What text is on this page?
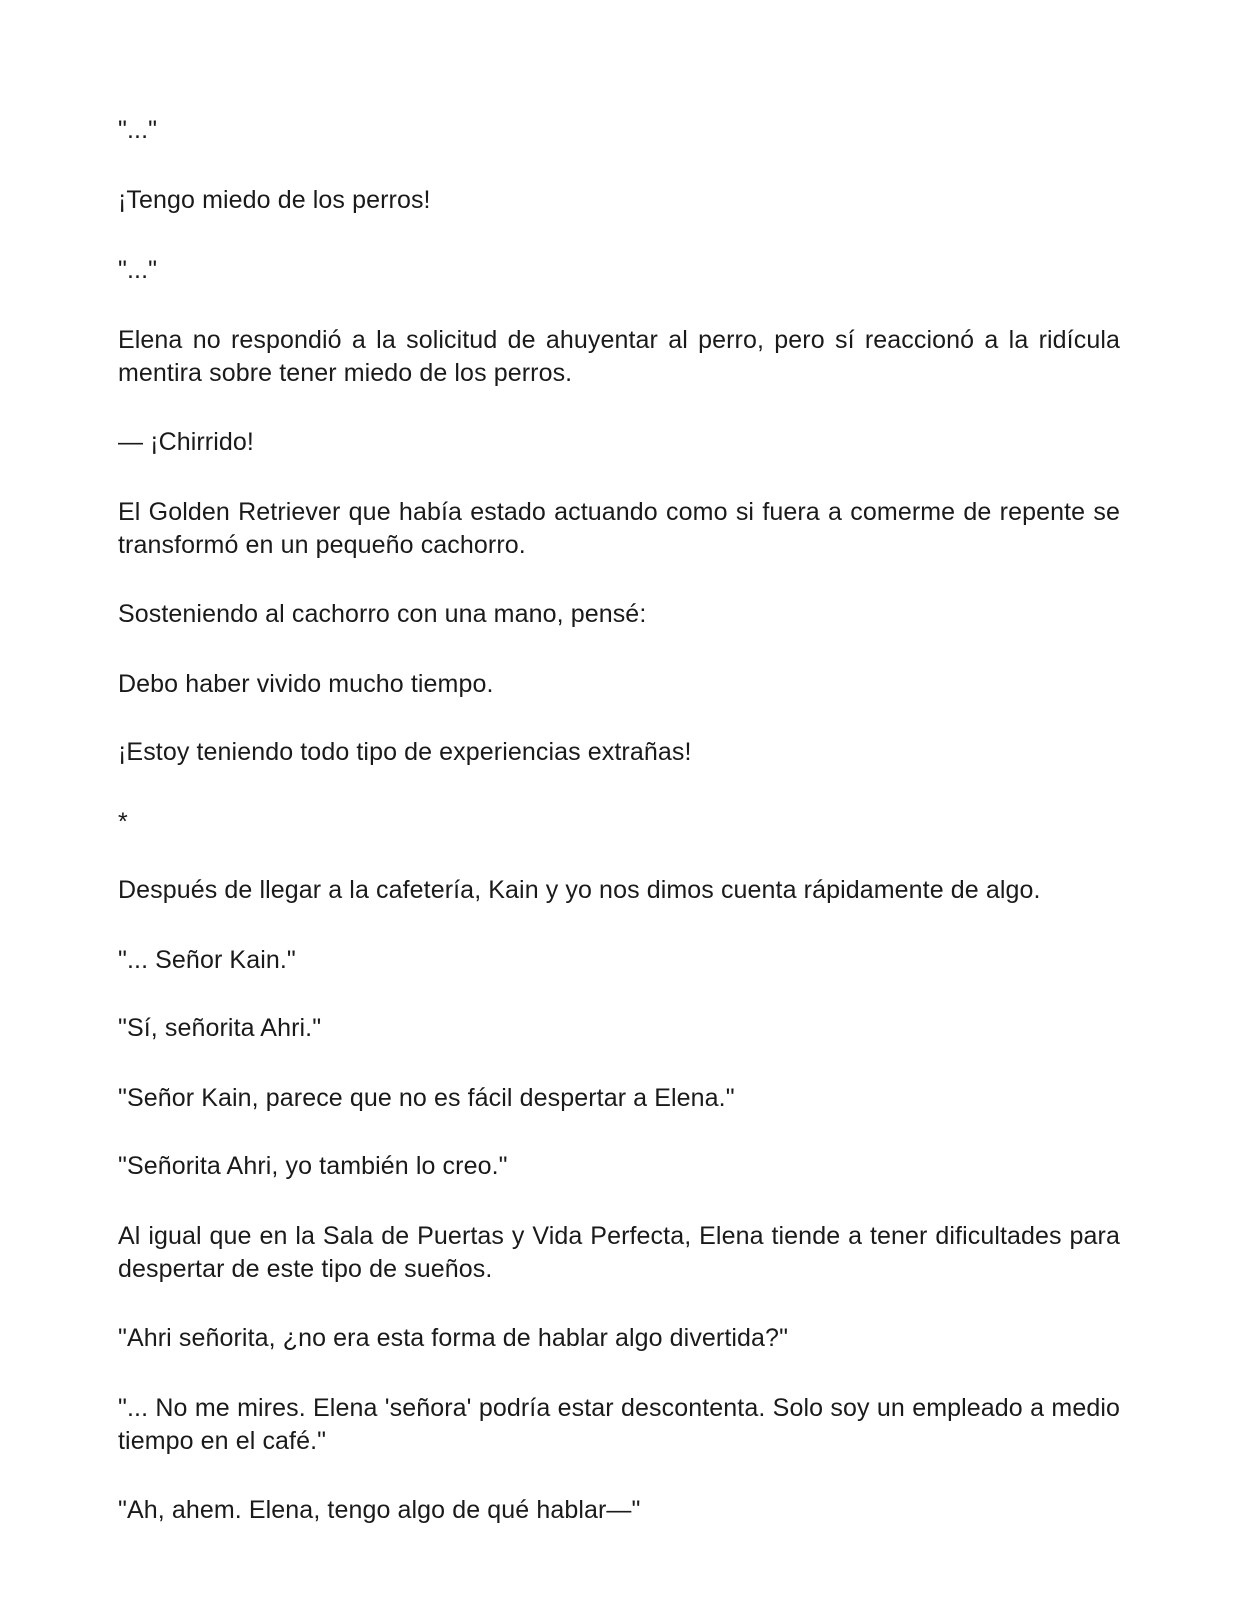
"..."

¡Tengo miedo de los perros!

"..."

Elena no respondió a la solicitud de ahuyentar al perro, pero sí reaccionó a la ridícula mentira sobre tener miedo de los perros.

— ¡Chirrido!

El Golden Retriever que había estado actuando como si fuera a comerme de repente se transformó en un pequeño cachorro.

Sosteniendo al cachorro con una mano, pensé:

Debo haber vivido mucho tiempo.

¡Estoy teniendo todo tipo de experiencias extrañas!

*

Después de llegar a la cafetería, Kain y yo nos dimos cuenta rápidamente de algo.

"... Señor Kain."

"Sí, señorita Ahri."

"Señor Kain, parece que no es fácil despertar a Elena."

"Señorita Ahri, yo también lo creo."

Al igual que en la Sala de Puertas y Vida Perfecta, Elena tiende a tener dificultades para despertar de este tipo de sueños.

"Ahri señorita, ¿no era esta forma de hablar algo divertida?"

"... No me mires. Elena 'señora' podría estar descontenta. Solo soy un empleado a medio tiempo en el café."

"Ah, ahem. Elena, tengo algo de qué hablar—"
